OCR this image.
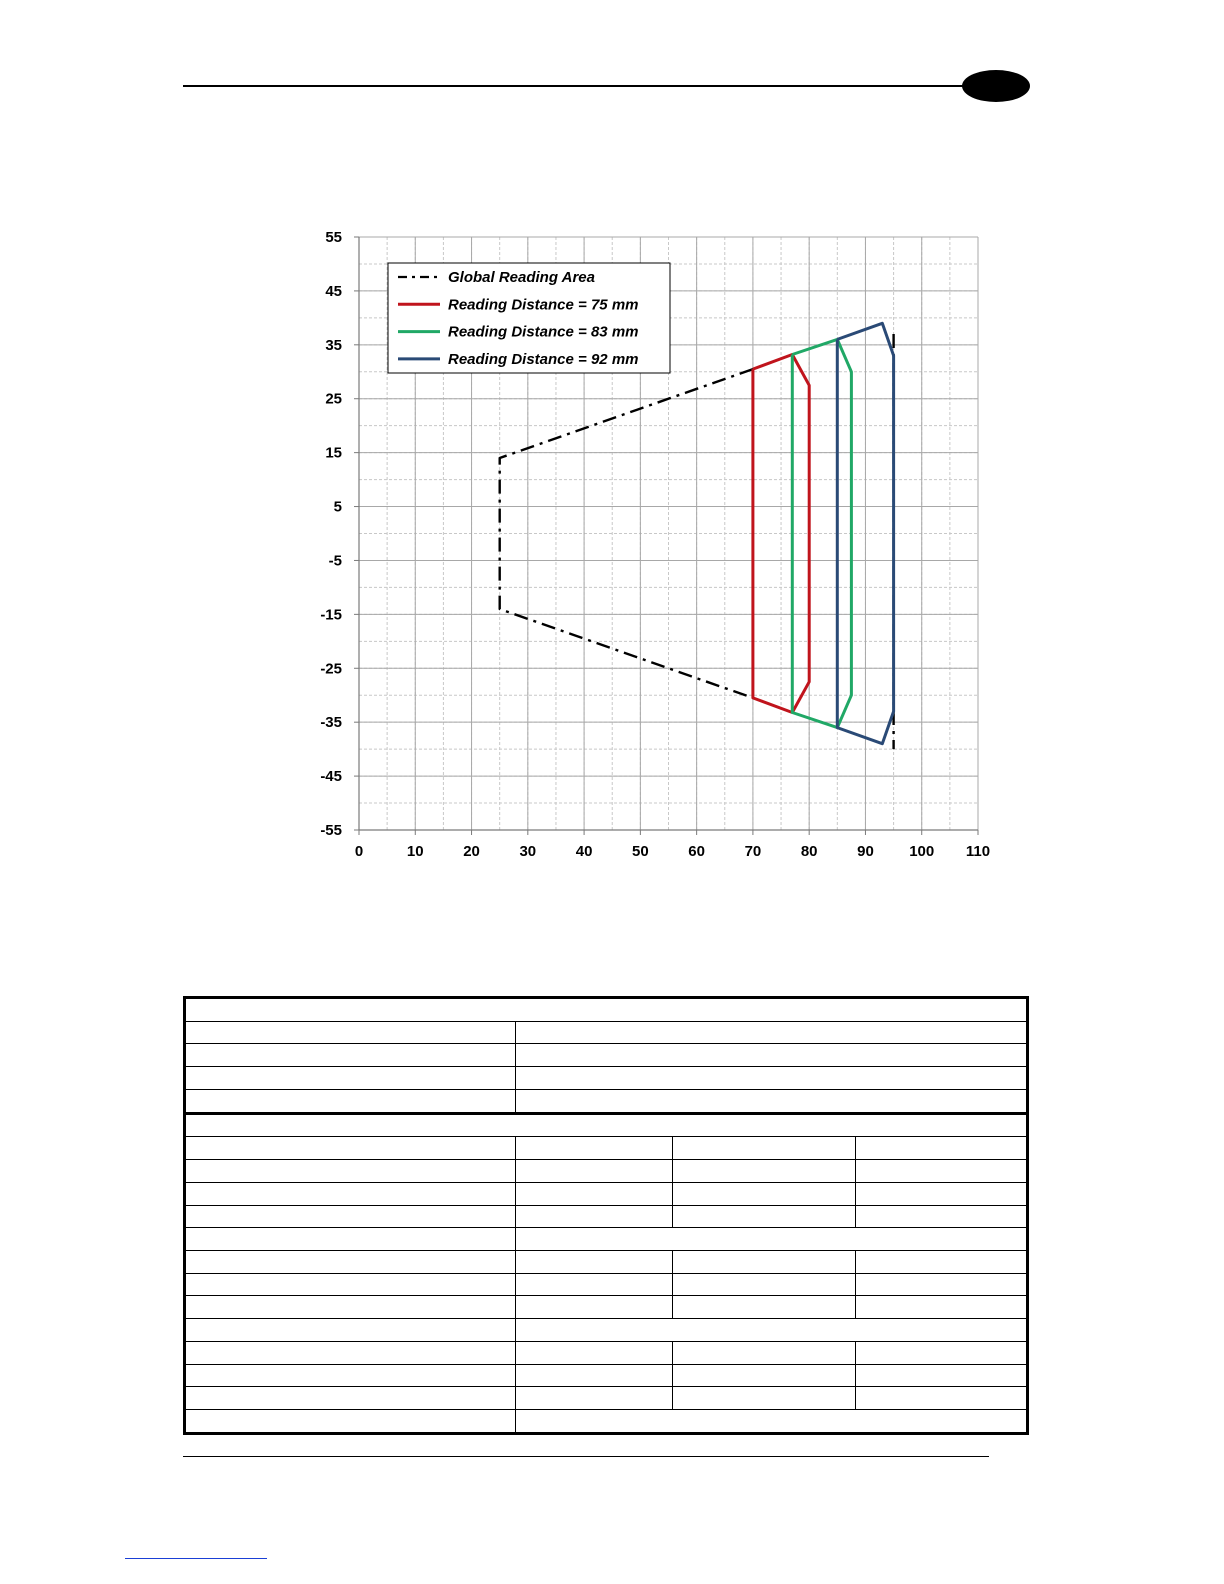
0	10	20	30	40	50	60	70	80	90 100 110
55
45
35
25
15
5
-5
-15
-25
-35
-45
-55
Global Reading Area
Reading Distance = 75 mm
Reading Distance = 83 mm
Reading Distance = 92 mm
